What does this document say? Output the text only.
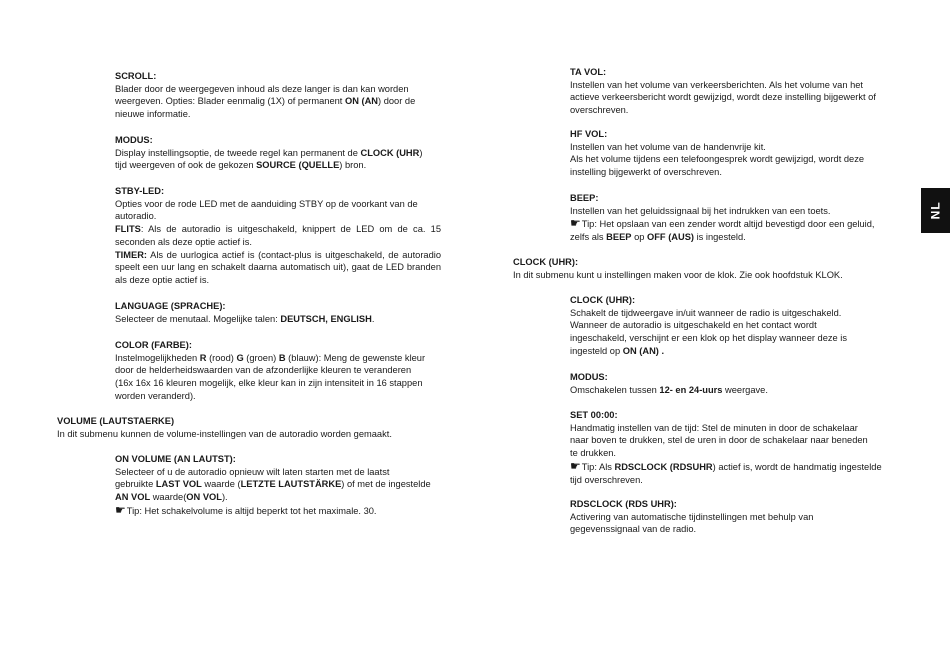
SCROLL:
Blader door de weergegeven inhoud als deze langer is dan kan worden
weergeven. Opties: Blader eenmalig (1X) of permanent ON (AN) door de
nieuwe informatie.
MODUS:
Display instellingsoptie, de tweede regel kan permanent de CLOCK (UHR)
tijd weergeven of ook de gekozen SOURCE (QUELLE) bron.
STBY-LED:

Opties voor de rode LED met de aanduiding STBY op de voorkant van de autoradio.

FLITS: Als de autoradio is uitgeschakeld, knippert de LED om de ca. 15 seconden als deze optie actief is.

TIMER: Als de uurlogica actief is (contact-plus is uitgeschakeld, de autoradio speelt een uur lang en schakelt daarna automatisch uit), gaat de LED branden als deze optie actief is.

LANGUAGE (SPRACHE):
Selecteer de menutaal. Mogelijke talen: DEUTSCH, ENGLISH.
COLOR (FARBE):
Instelmogelijkheden R (rood) G (groen) B (blauw): Meng de gewenste kleur
door de helderheidswaarden van de afzonderlijke kleuren te veranderen
(16x 16x 16 kleuren mogelijk, elke kleur kan in zijn intensiteit in 16 stappen
worden veranderd).
VOLUME (LAUTSTAERKE)
In dit submenu kunnen de volume-instellingen van de autoradio worden gemaakt.
ON VOLUME (AN LAUTST):
Selecteer of u de autoradio opnieuw wilt laten starten met de laatst
gebruikte LAST VOL waarde (LETZTE LAUTSTÄRKE) of met de ingestelde
AN VOL waarde(ON VOL).
☛ Tip: Het schakelvolume is altijd beperkt tot het maximale. 30.
TA VOL:
Instellen van het volume van verkeersberichten. Als het volume van het
actieve verkeersbericht wordt gewijzigd, wordt deze instelling bijgewerkt of
overschreven.
HF VOL:
Instellen van het volume van de handenvrije kit.
Als het volume tijdens een telefoongesprek wordt gewijzigd, wordt deze
instelling bijgewerkt of overschreven.
BEEP:
Instellen van het geluidssignaal bij het indrukken van een toets.
☛ Tip: Het opslaan van een zender wordt altijd bevestigd door een geluid,
zelfs als BEEP op OFF (AUS) is ingesteld.
CLOCK (UHR):
In dit submenu kunt u instellingen maken voor de klok. Zie ook hoofdstuk KLOK.
CLOCK (UHR):
Schakelt de tijdweergave in/uit wanneer de radio is uitgeschakeld.
Wanneer de autoradio is uitgeschakeld en het contact wordt
ingeschakeld, verschijnt er een klok op het display wanneer deze is
ingesteld op ON (AN) .
MODUS:
Omschakelen tussen 12- en 24-uurs weergave.
SET 00:00:
Handmatig instellen van de tijd: Stel de minuten in door de schakelaar
naar boven te drukken, stel de uren in door de schakelaar naar beneden
te drukken.
☛ Tip: Als RDSCLOCK (RDSUHR) actief is, wordt de handmatig ingestelde
tijd overschreven.
RDSCLOCK (RDS UHR):
Activering van automatische tijdinstellingen met behulp van
gegevenssignaal van de radio.
NL
